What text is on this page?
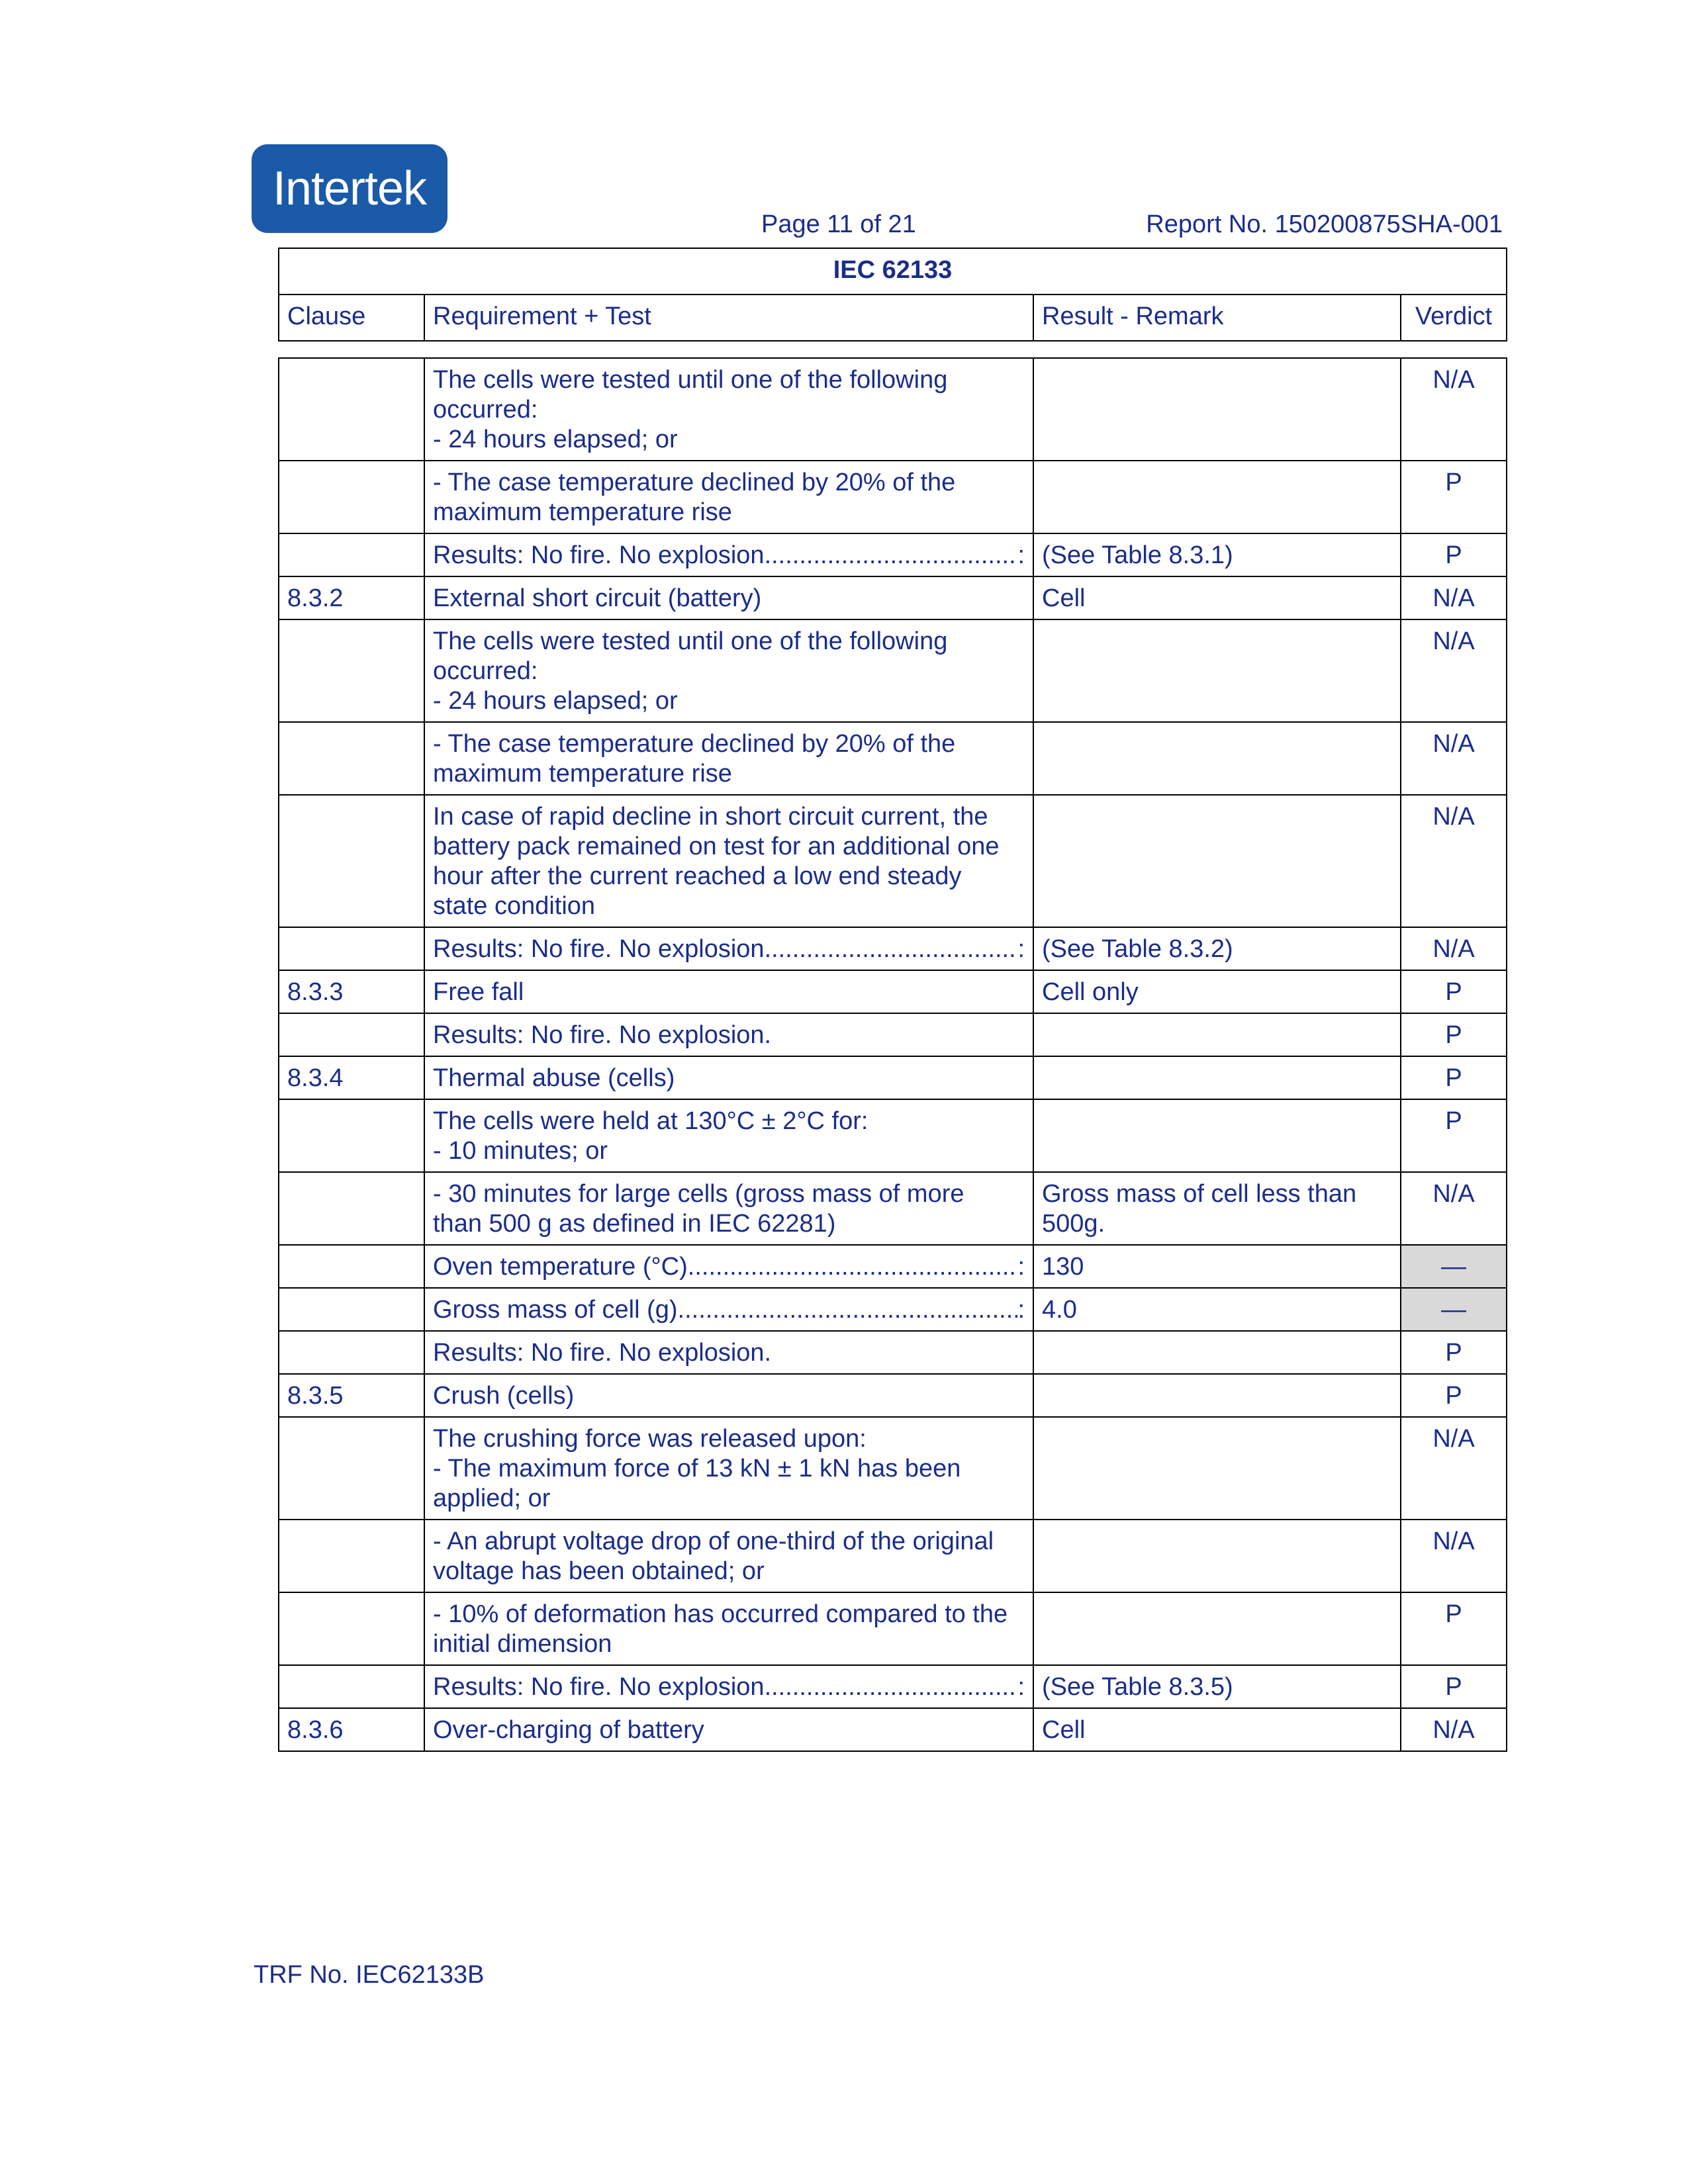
Intertek
Page 11 of 21	Report No. 150200875SHA-001
IEC 62133
Clause	Requirement + Test	Result - Remark	Verdict

	The cells were tested until one of the following
occurred:
- 24 hours elapsed; or		N/A

	- The case temperature declined by 20% of the
maximum temperature rise		P

	Results: No fire. No explosion ..... :	(See Table 8.3.1)	P
8.3.2	External short circuit (battery)	Cell	N/A

	The cells were tested until one of the following
occurred:
- 24 hours elapsed; or		N/A

	- The case temperature declined by 20% of the
maximum temperature rise		N/A

	In case of rapid decline in short circuit current, the
battery pack remained on test for an additional one
hour after the current reached a low end steady
state condition		N/A

	Results: No fire. No explosion ..... :	(See Table 8.3.2)	N/A
8.3.3	Free fall	Cell only	P

	Results: No fire. No explosion.		P
8.3.4	Thermal abuse (cells)		P

	The cells were held at 130°C ± 2°C for:
- 10 minutes; or		P

	- 30 minutes for large cells (gross mass of more
than 500 g as defined in IEC 62281)	Gross mass of cell less than 500g.	N/A

	Oven temperature (°C) ..... :	130	—

	Gross mass of cell (g) ..... :	4.0	—

	Results: No fire. No explosion.		P
8.3.5	Crush (cells)		P

	The crushing force was released upon:
- The maximum force of 13 kN ± 1 kN has been
applied; or		N/A

	- An abrupt voltage drop of one-third of the original
voltage has been obtained; or		N/A

	- 10% of deformation has occurred compared to the
initial dimension		P

	Results: No fire. No explosion ..... :	(See Table 8.3.5)	P
8.3.6	Over-charging of battery	Cell	N/A
TRF No. IEC62133B
